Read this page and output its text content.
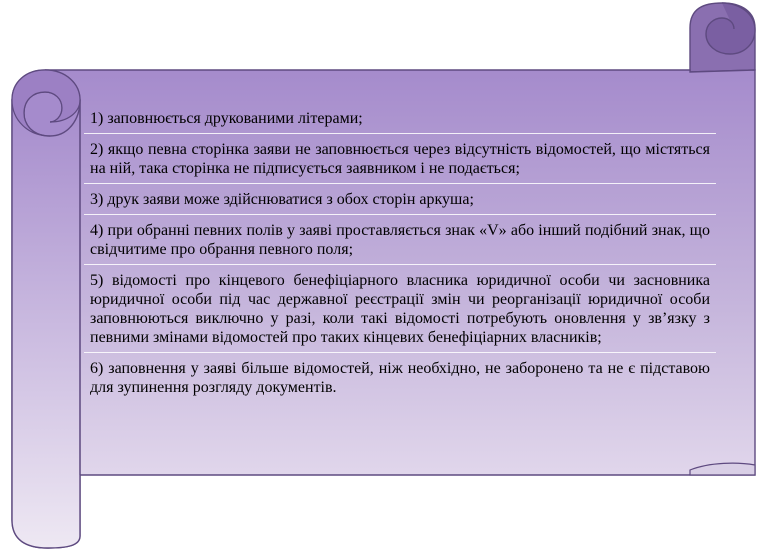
1) заповнюється друкованими літерами;

2) якщо певна сторінка заяви не заповнюється через відсутність відомостей, що містяться на ній, така сторінка не підписується заявником і не подається;

3) друк заяви може здійснюватися з обох сторін аркуша;

4) при обранні певних полів у заяві проставляється знак «V» або інший подібний знак, що свідчитиме про обрання певного поля;

5) відомості про кінцевого бенефіціарного власника юридичної особи чи засновника юридичної особи під час державної реєстрації змін чи реорганізації юридичної особи заповнюються виключно у разі, коли такі відомості потребують оновлення у зв’язку з певними змінами відомостей про таких кінцевих бенефіціарних власників;

6) заповнення у заяві більше відомостей, ніж необхідно, не заборонено та не є підставою для зупинення розгляду документів.
